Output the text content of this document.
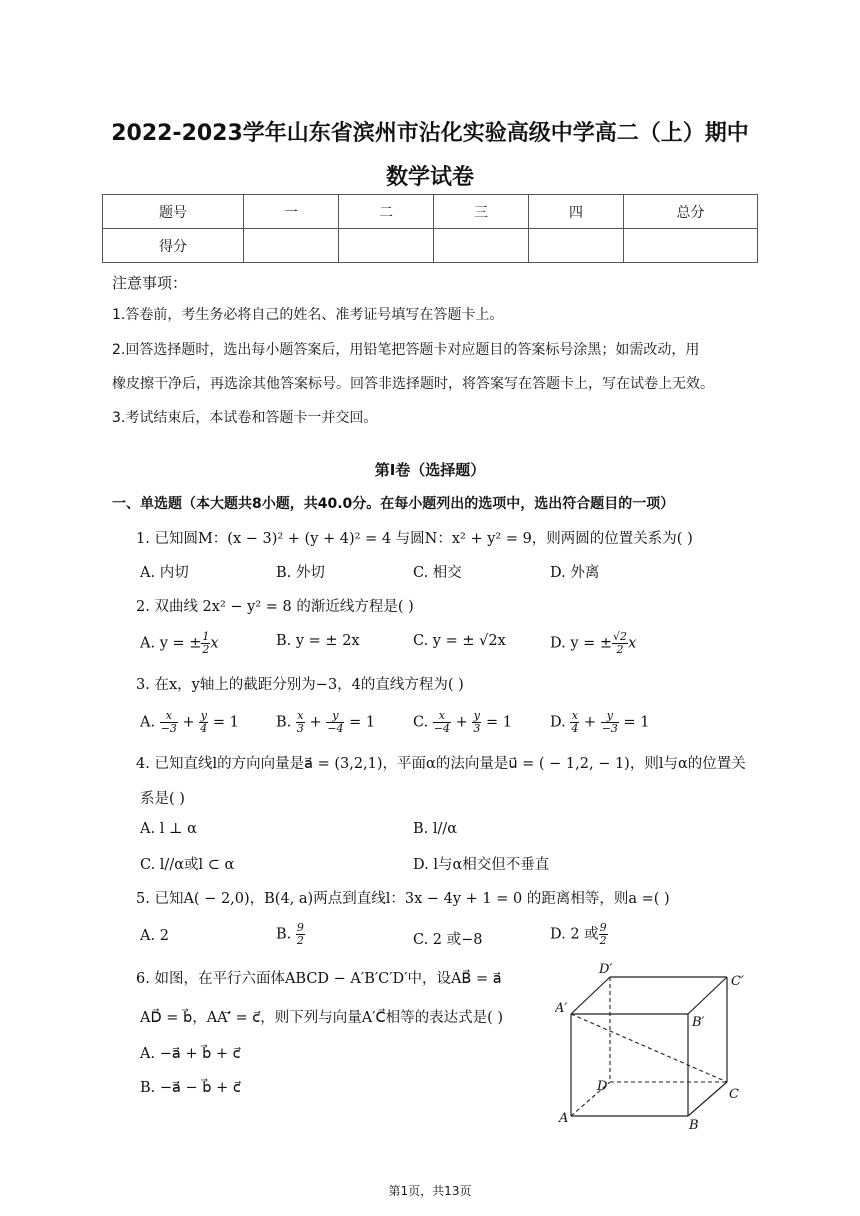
2022-2023学年山东省滨州市沾化实验高级中学高二（上）期中
数学试卷
题号	一	二	三	四	总分
得分					
注意事项：
1.答卷前，考生务必将自己的姓名、准考证号填写在答题卡上。
2.回答选择题时，选出每小题答案后，用铅笔把答题卡对应题目的答案标号涂黑；如需改动，用
橡皮擦干净后，再选涂其他答案标号。回答非选择题时，将答案写在答题卡上，写在试卷上无效。
3.考试结束后，本试卷和答题卡一并交回。
第I卷（选择题）
一、单选题（本大题共8小题，共40.0分。在每小题列出的选项中，选出符合题目的一项）
1. 已知圆M：(x − 3)² + (y + 4)² = 4 与圆N：x² + y² = 9，则两圆的位置关系为( )
A. 内切	B. 外切	C. 相交	D. 外离
2. 双曲线 2x² − y² = 8 的渐近线方程是( )
A. y = ± $\frac{1}{2}$ x	B. y = ± 2x	C. y = ± √2x	D. y = ± $\frac{√2}{2}$ x
3. 在x，y轴上的截距分别为−3，4的直线方程为( )
A. $\frac{x}{-3} + \frac{y}{4} = 1$	B. $\frac{x}{3} + \frac{y}{-4} = 1$	C. $\frac{x}{-4} + \frac{y}{3} = 1$	D. $\frac{x}{4} + \frac{y}{-3} = 1$
4. 已知直线l的方向向量是a⃗ = (3,2,1)，平面α的法向量是u⃗ = ( − 1,2, − 1)，则l与α的位置关
系是( )
A. l ⊥ α	B. l//α
C. l//α或l ⊂ α	D. l与α相交但不垂直
5. 已知A( − 2,0)，B(4, a)两点到直线l：3x − 4y + 1 = 0 的距离相等，则a =( )
A. 2	B. $\frac{9}{2}$	C. 2 或−8	D. 2 或 $\frac{9}{2}$
6. 如图，在平行六面体ABCD − A′B′C′D′中，设AB⃗ = a⃗
AD⃗ = b⃗，AA′⃗ = c⃗，则下列与向量A′C⃗相等的表达式是( )
A. −a⃗ + b⃗ + c⃗
B. −a⃗ − b⃗ + c⃗
D′
C′
A′
B′
D
C
A	B
第1页，共13页
